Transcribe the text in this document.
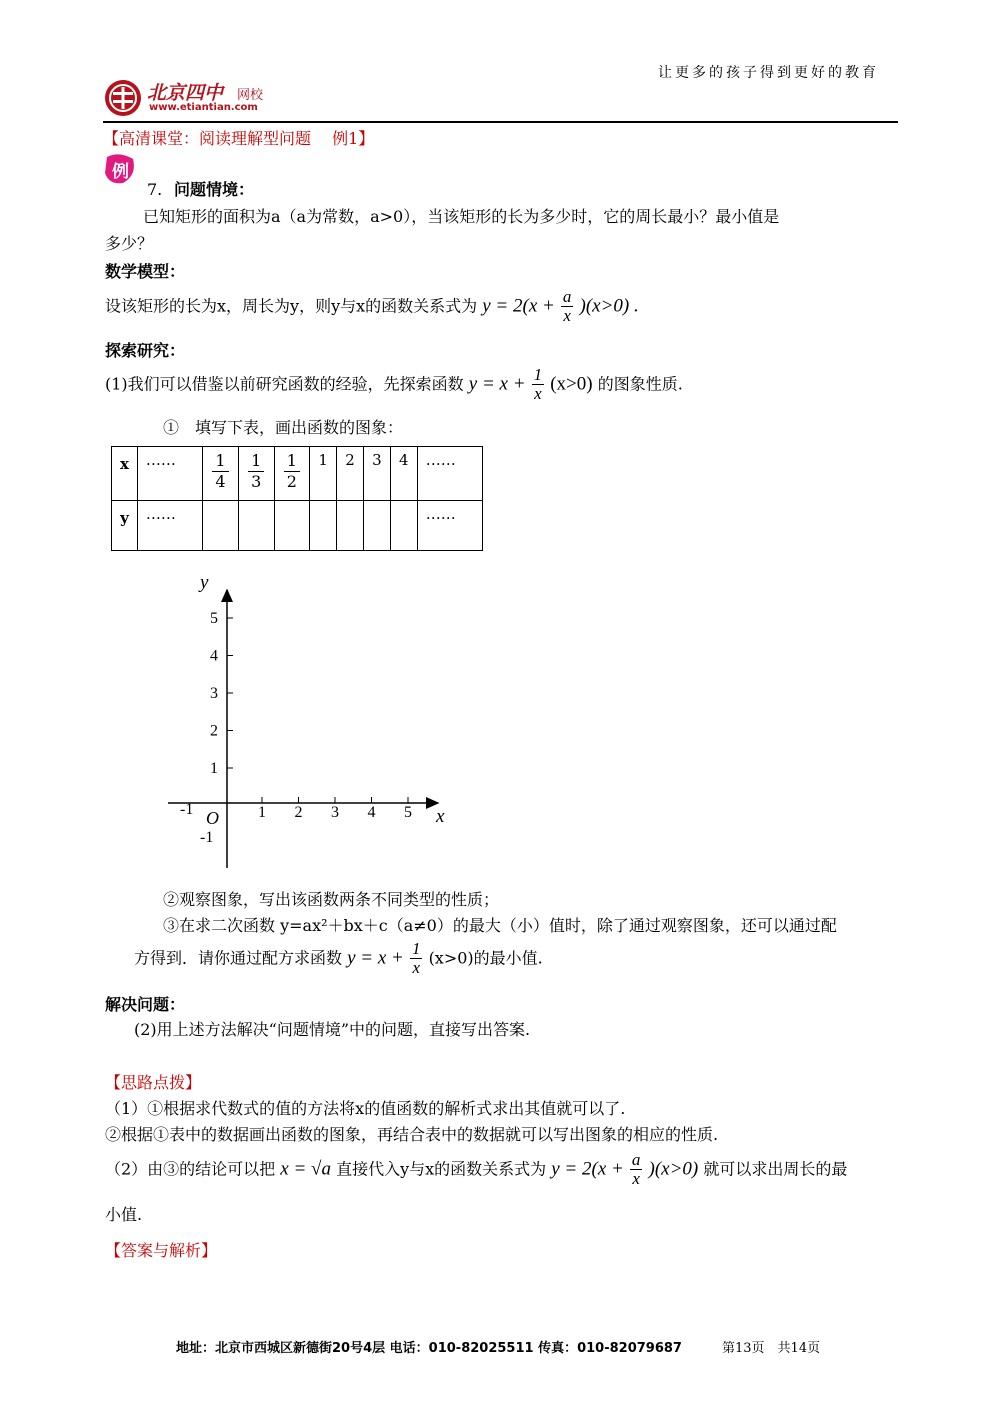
让更多的孩子得到更好的教育
北京四中 网校
www.etiantian.com
【高清课堂：阅读理解型问题　 例1】
例
7. 问题情境：
已知矩形的面积为a（a为常数，a>0），当该矩形的长为多少时，它的周长最小？最小值是
多少？
数学模型：
设该矩形的长为x，周长为y，则y与x的函数关系式为 $y = 2(x + \frac{a}{x} )(x>0)$ .
探索研究：
(1)我们可以借鉴以前研究函数的经验，先探索函数 $y = x + \frac{1}{x} (x>0)$ 的图象性质.
①　填写下表，画出函数的图象：
x	……	$\frac{1}{4}$	$\frac{1}{3}$	$\frac{1}{2}$	1	2	3	4	……
y	……								……
5
4
3
2
1
1 2 3 4 5
y
x
O
-1
-1
②观察图象，写出该函数两条不同类型的性质；
③在求二次函数 y=ax²＋bx＋c（a≠0）的最大（小）值时，除了通过观察图象，还可以通过配
方得到．请你通过配方求函数 $y = x + \frac{1}{x} (x>0)$的最小值.
解决问题：
(2)用上述方法解决“问题情境”中的问题，直接写出答案.
【思路点拨】
（1）①根据求代数式的值的方法将x的值函数的解析式求出其值就可以了.
②根据①表中的数据画出函数的图象，再结合表中的数据就可以写出图象的相应的性质.
（2）由③的结论可以把 x = √a 直接代入y与x的函数关系式为 $y = 2(x + \frac{a}{x} )(x>0)$ 就可以求出周长的最
小值.
【答案与解析】
地址：北京市西城区新德街20号4层 电话：010-82025511 传真：010-82079687	第13页　共14页
